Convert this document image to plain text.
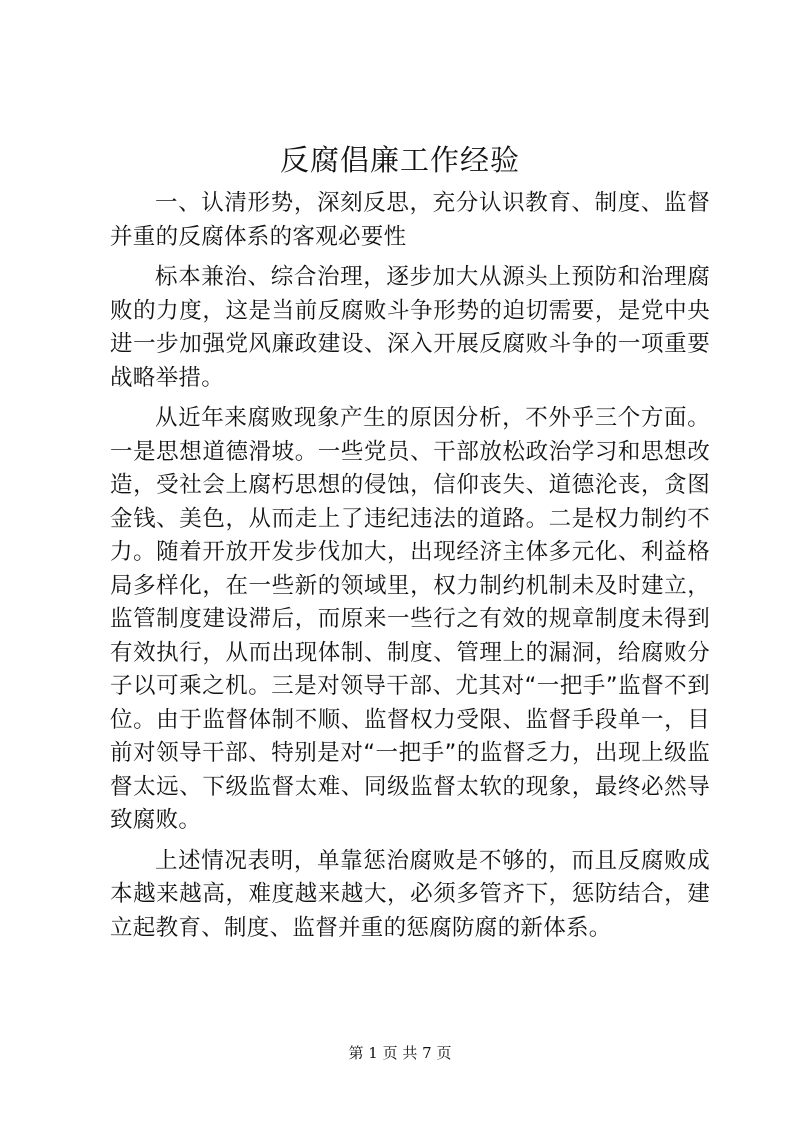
反腐倡廉工作经验

一、认清形势，深刻反思，充分认识教育、制度、监督并重的反腐体系的客观必要性

标本兼治、综合治理，逐步加大从源头上预防和治理腐败的力度，这是当前反腐败斗争形势的迫切需要，是党中央进一步加强党风廉政建设、深入开展反腐败斗争的一项重要战略举措。

从近年来腐败现象产生的原因分析，不外乎三个方面。一是思想道德滑坡。一些党员、干部放松政治学习和思想改造，受社会上腐朽思想的侵蚀，信仰丧失、道德沦丧，贪图金钱、美色，从而走上了违纪违法的道路。二是权力制约不力。随着开放开发步伐加大，出现经济主体多元化、利益格局多样化，在一些新的领域里，权力制约机制未及时建立，监管制度建设滞后，而原来一些行之有效的规章制度未得到有效执行，从而出现体制、制度、管理上的漏洞，给腐败分子以可乘之机。三是对领导干部、尤其对“一把手”监督不到位。由于监督体制不顺、监督权力受限、监督手段单一，目前对领导干部、特别是对“一把手”的监督乏力，出现上级监督太远、下级监督太难、同级监督太软的现象，最终必然导致腐败。

上述情况表明，单靠惩治腐败是不够的，而且反腐败成本越来越高，难度越来越大，必须多管齐下，惩防结合，建立起教育、制度、监督并重的惩腐防腐的新体系。

第 1 页 共 7 页
